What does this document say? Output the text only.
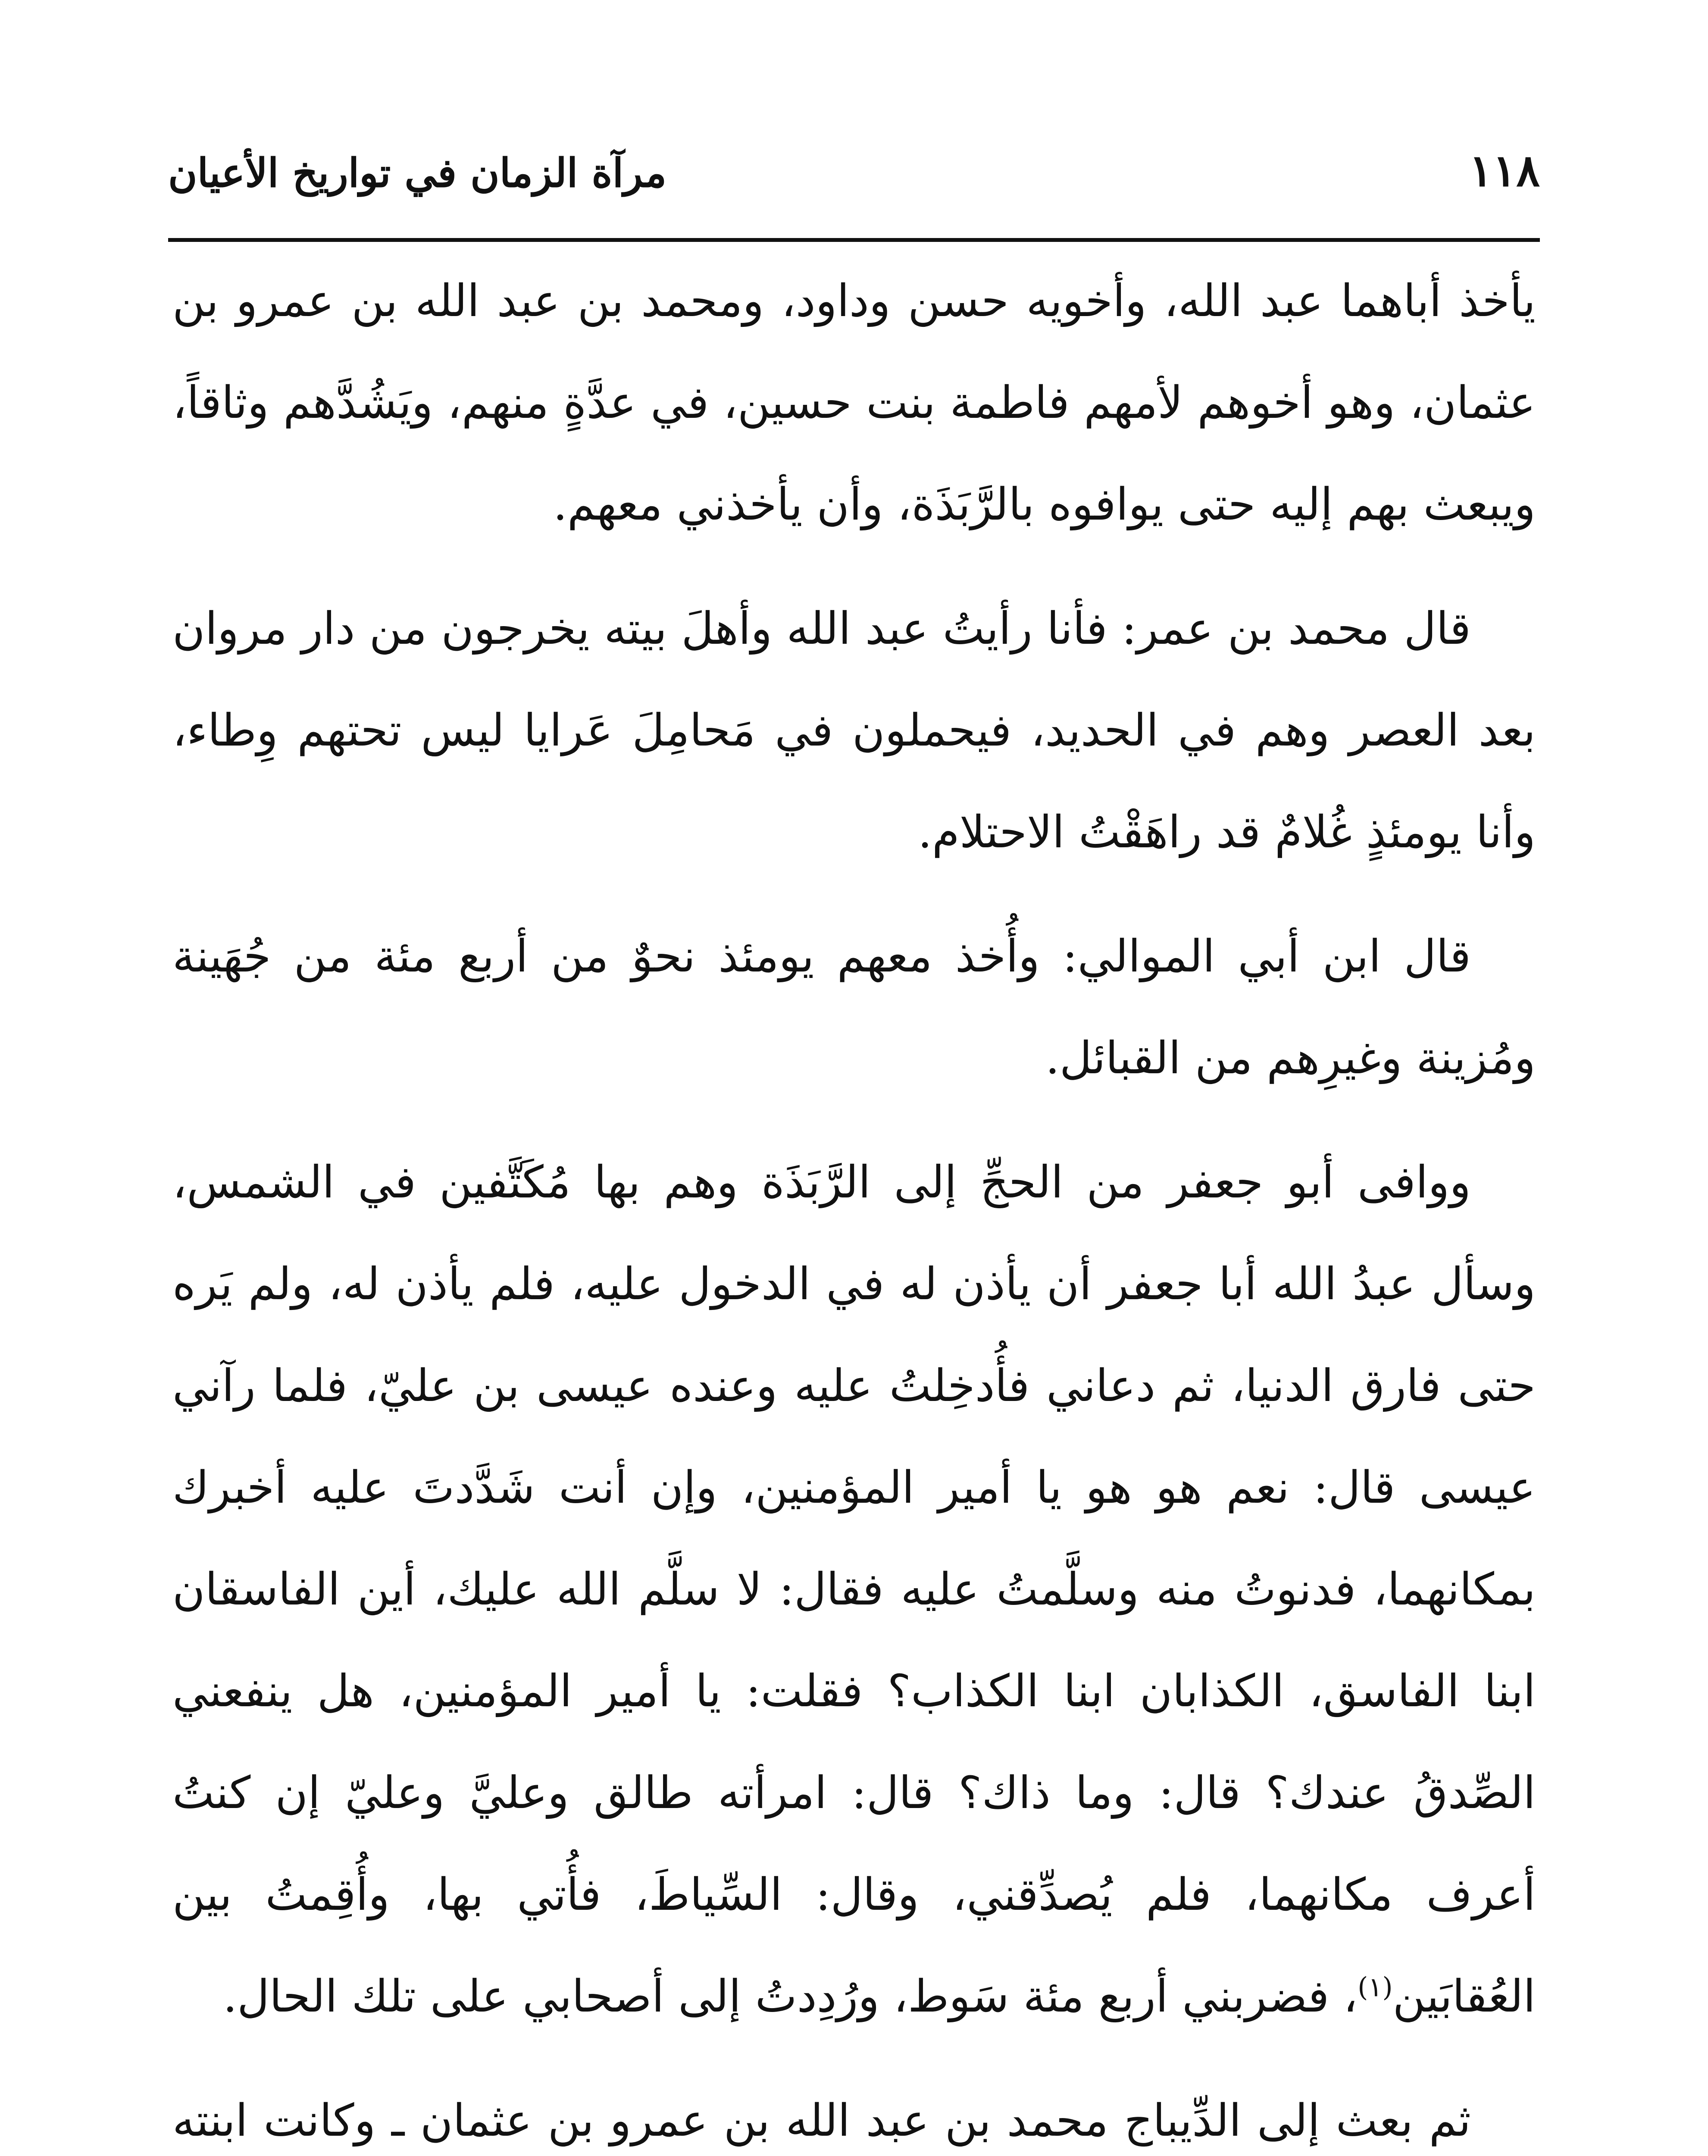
١١٨
مرآة الزمان في تواريخ الأعيان

يأخذ أباهما عبد الله، وأخويه حسن وداود، ومحمد بن عبد الله بن عمرو بن عثمان، وهو أخوهم لأمهم فاطمة بنت حسين، في عدَّةٍ منهم، ويَشُدَّهم وثاقاً، ويبعث بهم إليه حتى يوافوه بالرَّبَذَة، وأن يأخذني معهم.

قال محمد بن عمر: فأنا رأيتُ عبد الله وأهلَ بيته يخرجون من دار مروان بعد العصر وهم في الحديد، فيحملون في مَحامِلَ عَرايا ليس تحتهم وِطاء، وأنا يومئذٍ غُلامٌ قد راهَقْتُ الاحتلام.

قال ابن أبي الموالي: وأُخذ معهم يومئذ نحوٌ من أربع مئة من جُهَينة ومُزينة وغيرِهم من القبائل.

ووافى أبو جعفر من الحجِّ إلى الرَّبَذَة وهم بها مُكَتَّفين في الشمس، وسأل عبدُ الله أبا جعفر أن يأذن له في الدخول عليه، فلم يأذن له، ولم يَره حتى فارق الدنيا، ثم دعاني فأُدخِلتُ عليه وعنده عيسى بن عليّ، فلما رآني عيسى قال: نعم هو هو يا أمير المؤمنين، وإن أنت شَدَّدتَ عليه أخبرك بمكانهما، فدنوتُ منه وسلَّمتُ عليه فقال: لا سلَّم الله عليك، أين الفاسقان ابنا الفاسق، الكذابان ابنا الكذاب؟ فقلت: يا أمير المؤمنين، هل ينفعني الصِّدقُ عندك؟ قال: وما ذاك؟ قال: امرأته طالق وعليَّ وعليّ إن كنتُ أعرف مكانهما، فلم يُصدِّقني، وقال: السِّياطَ، فأُتي بها، وأُقِمتُ بين العُقابَين$^{(١)}$، فضربني أربع مئة سَوط، ورُدِدتُ إلى أصحابي على تلك الحال.

ثم بعث إلى الدِّيباج محمد بن عبد الله بن عمرو بن عثمان ـ وكانت ابنته
